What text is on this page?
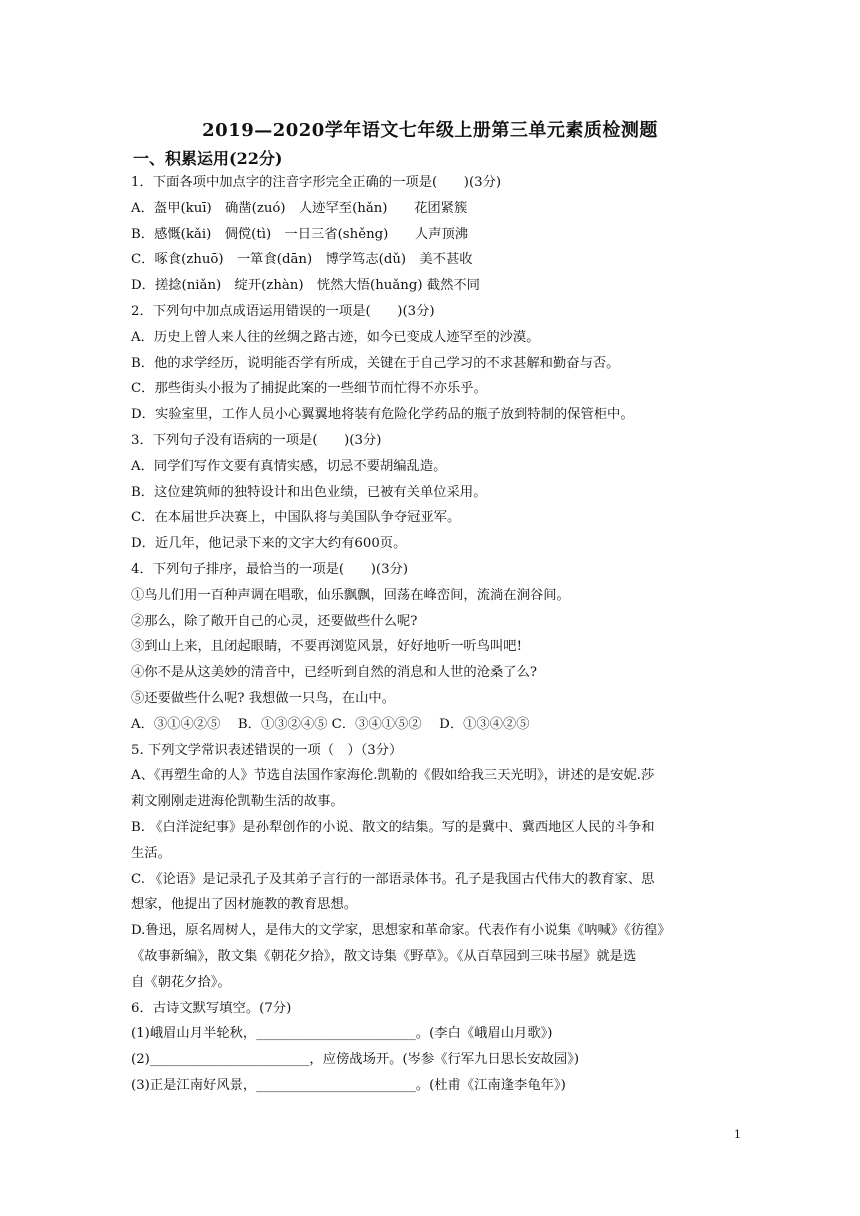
2019—2020学年语文七年级上册第三单元素质检测题
一、积累运用(22分)
1．下面各项中加点字的注音字形完全正确的一项是(　　)(3分)
A．盔甲(kuī)　确凿(zuó)　人迹罕至(hǎn)　　花团紧簇
B．感慨(kǎi)　倜傥(tì)　一日三省(shěng)　　人声顶沸
C．啄食(zhuō)　一箪食(dān)　博学笃志(dǔ)　美不甚收
D．搓捻(niǎn)　绽开(zhàn)　恍然大悟(huǎng) 截然不同
2．下列句中加点成语运用错误的一项是(　　)(3分)
A．历史上曾人来人往的丝绸之路古迹，如今已变成人迹罕至的沙漠。
B．他的求学经历，说明能否学有所成，关键在于自己学习的不求甚解和勤奋与否。
C．那些街头小报为了捕捉此案的一些细节而忙得不亦乐乎。
D．实验室里，工作人员小心翼翼地将装有危险化学药品的瓶子放到特制的保管柜中。
3．下列句子没有语病的一项是(　　)(3分)
A．同学们写作文要有真情实感，切忌不要胡编乱造。
B．这位建筑师的独特设计和出色业绩，已被有关单位采用。
C．在本届世乒决赛上，中国队将与美国队争夺冠亚军。
D．近几年，他记录下来的文字大约有600页。
4．下列句子排序，最恰当的一项是(　　)(3分)
①鸟儿们用一百种声调在唱歌，仙乐飘飘，回荡在峰峦间，流淌在涧谷间。
②那么，除了敞开自己的心灵，还要做些什么呢?
③到山上来，且闭起眼睛，不要再浏览风景，好好地听一听鸟叫吧!
④你不是从这美妙的清音中，已经听到自然的消息和人世的沧桑了么?
⑤还要做些什么呢? 我想做一只鸟，在山中。
A．③①④②⑤　 B．①③②④⑤ C．③④①⑤②　 D．①③④②⑤
5. 下列文学常识表述错误的一项（　）（3分）
A、《再塑生命的人》节选自法国作家海伦.凯勒的《假如给我三天光明》，讲述的是安妮.莎
莉文刚刚走进海伦凯勒生活的故事。
B. 《白洋淀纪事》是孙犁创作的小说、散文的结集。写的是冀中、冀西地区人民的斗争和
生活。
C. 《论语》是记录孔子及其弟子言行的一部语录体书。孔子是我国古代伟大的教育家、思
想家，他提出了因材施教的教育思想。
D.鲁迅，原名周树人，是伟大的文学家，思想家和革命家。代表作有小说集《呐喊》《彷徨》
《故事新编》，散文集《朝花夕拾》，散文诗集《野草》。《从百草园到三味书屋》就是选
自《朝花夕拾》。
6．古诗文默写填空。(7分)
(1)峨眉山月半轮秋，________________________。(李白《峨眉山月歌》)
(2)________________________，应傍战场开。(岑参《行军九日思长安故园》)
(3)正是江南好风景，________________________。(杜甫《江南逢李龟年》)
1
